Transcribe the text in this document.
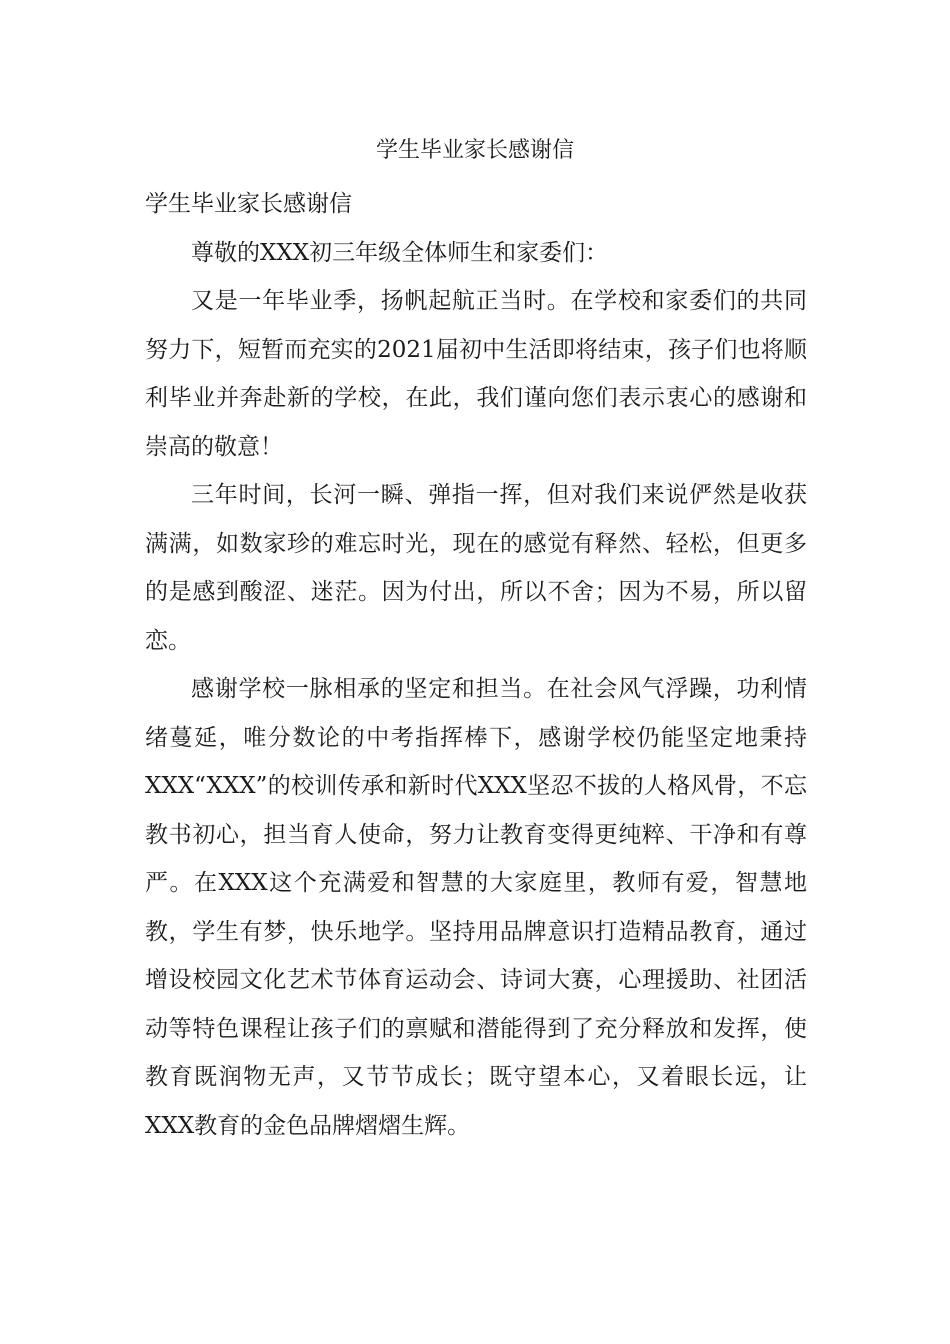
学生毕业家长感谢信

学生毕业家长感谢信

尊敬的XXX初三年级全体师生和家委们：

又是一年毕业季，扬帆起航正当时。在学校和家委们的共同努力下，短暂而充实的2021届初中生活即将结束，孩子们也将顺利毕业并奔赴新的学校，在此，我们谨向您们表示衷心的感谢和崇高的敬意！

三年时间，长河一瞬、弹指一挥，但对我们来说俨然是收获满满，如数家珍的难忘时光，现在的感觉有释然、轻松，但更多的是感到酸涩、迷茫。因为付出，所以不舍；因为不易，所以留恋。

感谢学校一脉相承的坚定和担当。在社会风气浮躁，功利情绪蔓延，唯分数论的中考指挥棒下，感谢学校仍能坚定地秉持XXX“XXX”的校训传承和新时代XXX坚忍不拔的人格风骨，不忘教书初心，担当育人使命，努力让教育变得更纯粹、干净和有尊严。在XXX这个充满爱和智慧的大家庭里，教师有爱，智慧地教，学生有梦，快乐地学。坚持用品牌意识打造精品教育，通过增设校园文化艺术节体育运动会、诗词大赛，心理援助、社团活动等特色课程让孩子们的禀赋和潜能得到了充分释放和发挥，使教育既润物无声，又节节成长；既守望本心，又着眼长远，让XXX教育的金色品牌熠熠生辉。
